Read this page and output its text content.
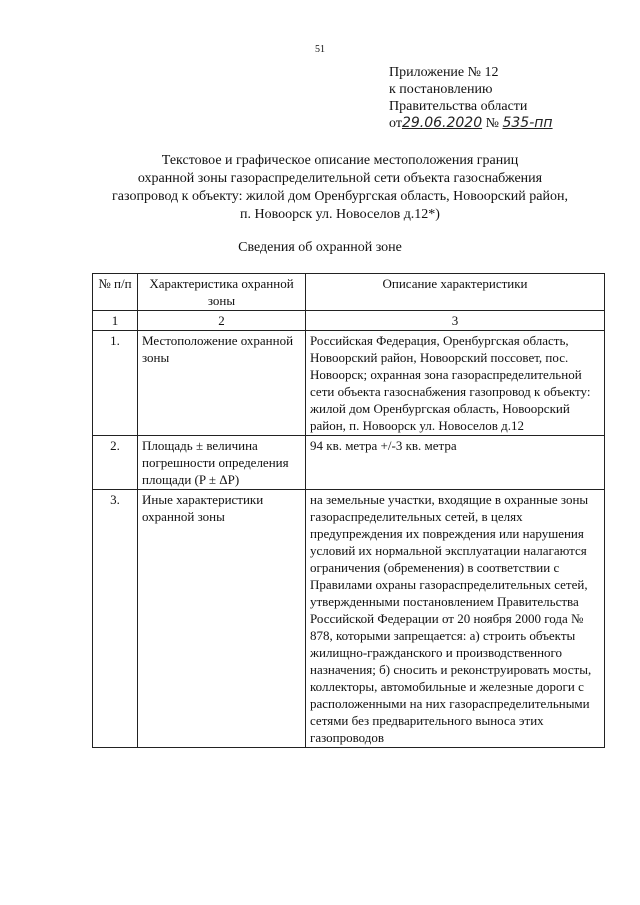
51
Приложение № 12
к постановлению
Правительства области
от29.06.2020 № 535-пп
Текстовое и графическое описание местоположения границ
охранной зоны газораспределительной сети объекта газоснабжения
газопровод к объекту: жилой дом Оренбургская область, Новоорский район,
п. Новоорск ул. Новоселов д.12*)
Сведения об охранной зоне
№ п/п	Характеристика охранной зоны	Описание характеристики
1	2	3
1.	Местоположение охранной зоны	Российская Федерация, Оренбургская область, Новоорский район, Новоорский поссовет, пос. Новоорск; охранная зона газораспределительной сети объекта газоснабжения газопровод к объекту: жилой дом Оренбургская область, Новоорский район, п. Новоорск ул. Новоселов д.12
2.	Площадь ± величина погрешности определения площади (P ± ΔP)	94 кв. метра +/-3 кв. метра
3.	Иные характеристики охранной зоны	на земельные участки, входящие в охранные зоны газораспределительных сетей, в целях предупреждения их повреждения или нарушения условий их нормальной эксплуатации налагаются ограничения (обременения) в соответствии с Правилами охраны газораспределительных сетей, утвержденными постановлением Правительства Российской Федерации от 20 ноября 2000 года № 878, которыми запрещается: а) строить объекты жилищно-гражданского и производственного назначения; б) сносить и реконструировать мосты, коллекторы, автомобильные и железные дороги с расположенными на них газораспределительными сетями без предварительного выноса этих газопроводов
